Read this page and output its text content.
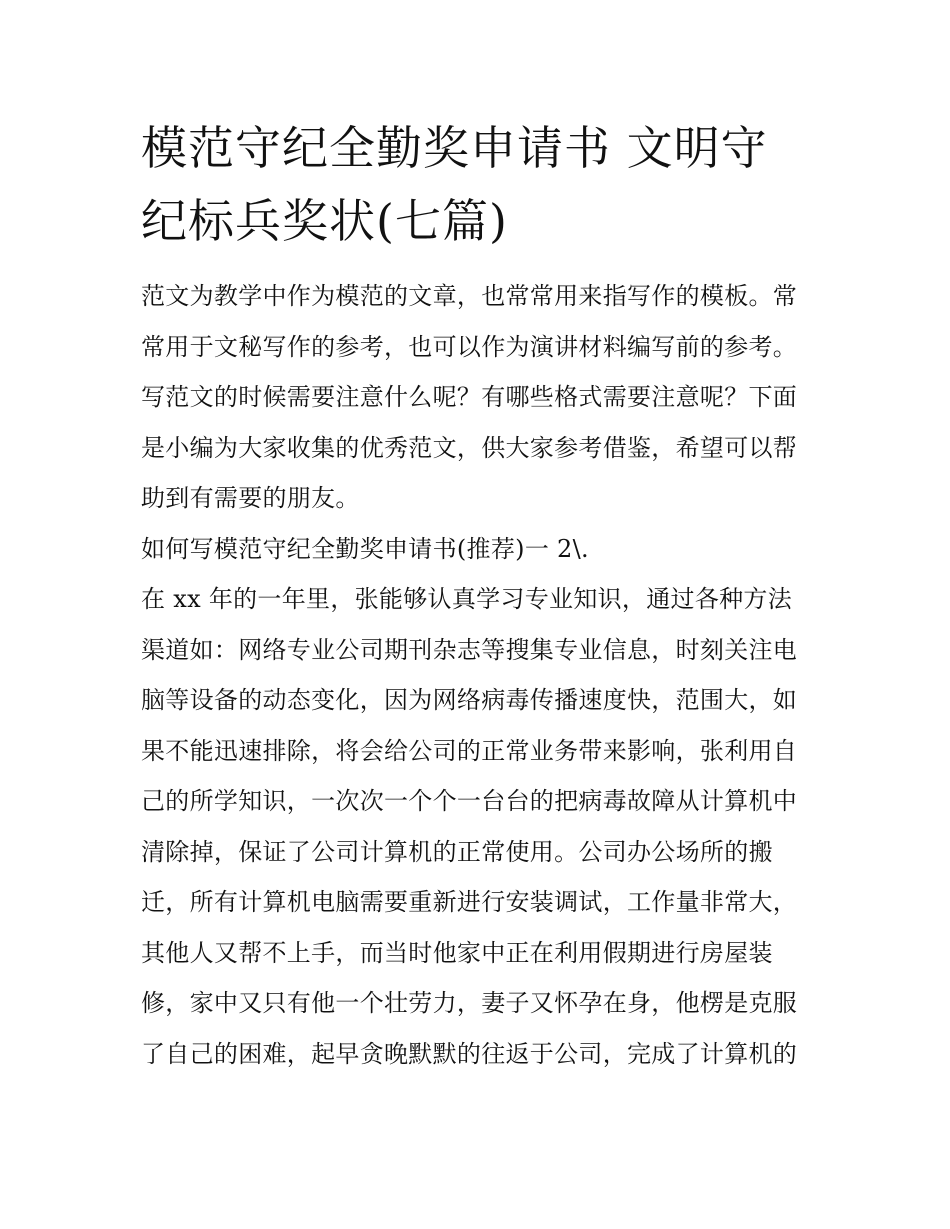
模范守纪全勤奖申请书 文明守
纪标兵奖状(七篇)
范文为教学中作为模范的文章，也常常用来指写作的模板。常
常用于文秘写作的参考，也可以作为演讲材料编写前的参考。
写范文的时候需要注意什么呢？有哪些格式需要注意呢？下面
是小编为大家收集的优秀范文，供大家参考借鉴，希望可以帮
助到有需要的朋友。
如何写模范守纪全勤奖申请书(推荐)一 2\.
在 xx 年的一年里，张能够认真学习专业知识，通过各种方法
渠道如：网络专业公司期刊杂志等搜集专业信息，时刻关注电
脑等设备的动态变化，因为网络病毒传播速度快，范围大，如
果不能迅速排除，将会给公司的正常业务带来影响，张利用自
己的所学知识，一次次一个个一台台的把病毒故障从计算机中
清除掉，保证了公司计算机的正常使用。公司办公场所的搬
迁，所有计算机电脑需要重新进行安装调试，工作量非常大，
其他人又帮不上手，而当时他家中正在利用假期进行房屋装
修，家中又只有他一个壮劳力，妻子又怀孕在身，他楞是克服
了自己的困难，起早贪晚默默的往返于公司，完成了计算机的
